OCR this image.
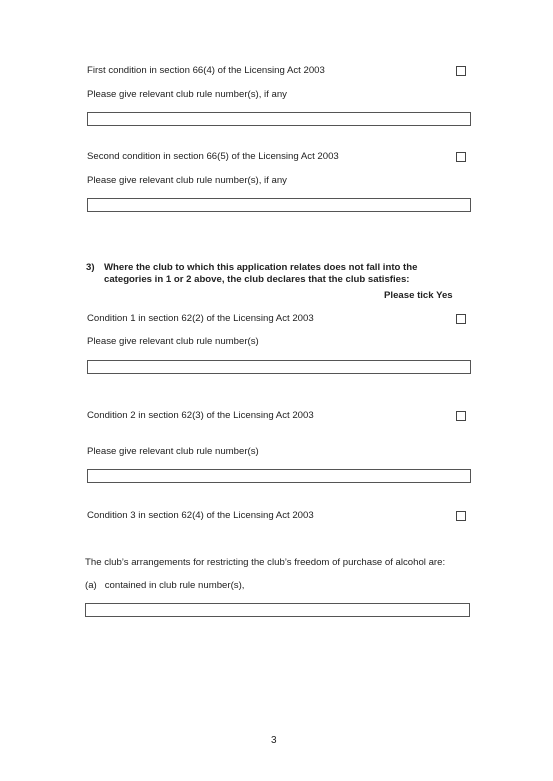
First condition in section 66(4) of the Licensing Act 2003
Please give relevant club rule number(s), if any
Second condition in section 66(5) of the Licensing Act 2003
Please give relevant club rule number(s), if any
3) Where the club to which this application relates does not fall into the categories in 1 or 2 above, the club declares that the club satisfies:
Please tick Yes
Condition 1 in section 62(2) of the Licensing Act 2003
Please give relevant club rule number(s)
Condition 2 in section 62(3) of the Licensing Act 2003
Please give relevant club rule number(s)
Condition 3 in section 62(4) of the Licensing Act 2003
The club’s arrangements for restricting the club’s freedom of purchase of alcohol are:
(a)   contained in club rule number(s),
3
